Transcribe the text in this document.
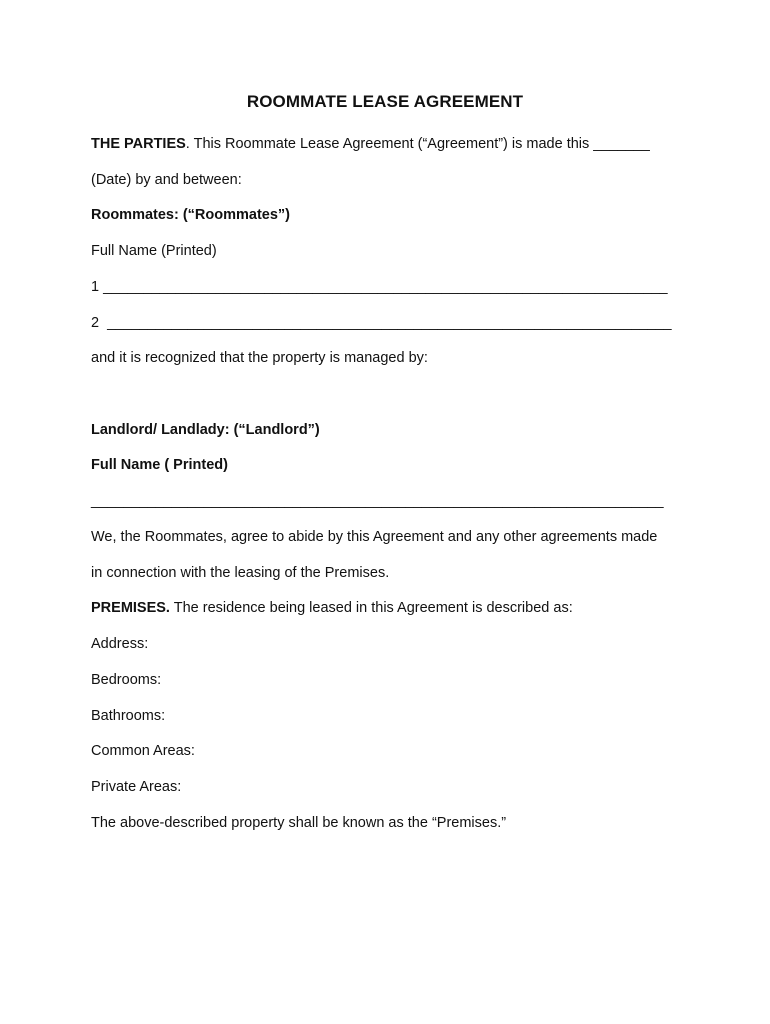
ROOMMATE LEASE AGREEMENT
THE PARTIES. This Roommate Lease Agreement (“Agreement”) is made this _______
(Date) by and between:
Roommates: (“Roommates”)
Full Name (Printed)
1 ______________________________________________________________________
2  ______________________________________________________________________
and it is recognized that the property is managed by:
Landlord/ Landlady: (“Landlord”)
Full Name ( Printed)
_______________________________________________________________________
We, the Roommates, agree to abide by this Agreement and any other agreements made
in connection with the leasing of the Premises.
PREMISES. The residence being leased in this Agreement is described as:
Address:
Bedrooms:
Bathrooms:
Common Areas:
Private Areas:
The above-described property shall be known as the “Premises.”
